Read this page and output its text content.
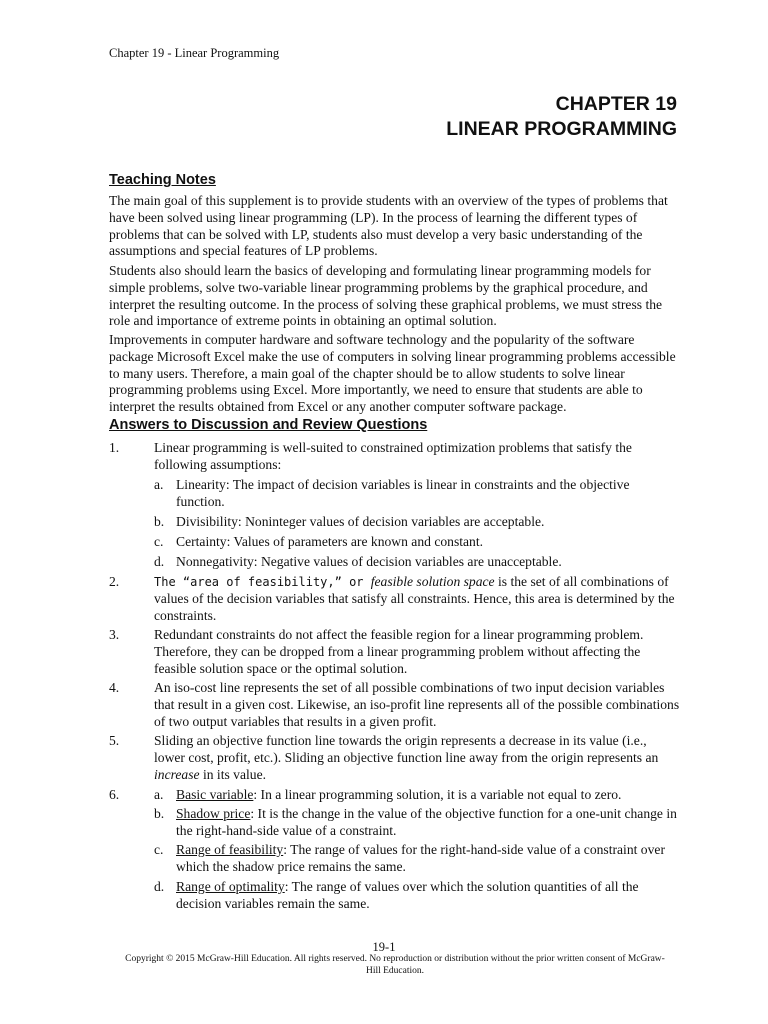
Chapter 19 - Linear Programming
CHAPTER 19
LINEAR PROGRAMMING
Teaching Notes

The main goal of this supplement is to provide students with an overview of the types of problems that have been solved using linear programming (LP). In the process of learning the different types of problems that can be solved with LP, students also must develop a very basic understanding of the assumptions and special features of LP problems.

Students also should learn the basics of developing and formulating linear programming models for simple problems, solve two-variable linear programming problems by the graphical procedure, and interpret the resulting outcome. In the process of solving these graphical problems, we must stress the role and importance of extreme points in obtaining an optimal solution.

Improvements in computer hardware and software technology and the popularity of the software package Microsoft Excel make the use of computers in solving linear programming problems accessible to many users. Therefore, a main goal of the chapter should be to allow students to solve linear programming problems using Excel. More importantly, we need to ensure that students are able to interpret the results obtained from Excel or any another computer software package.

Answers to Discussion and Review Questions
1.	Linear programming is well-suited to constrained optimization problems that satisfy the following assumptions:

a. Linearity: The impact of decision variables is linear in constraints and the objective function.

b. Divisibility: Noninteger values of decision variables are acceptable.

c. Certainty: Values of parameters are known and constant.

d. Nonnegativity: Negative values of decision variables are unacceptable.

2.	The “area of feasibility,” or feasible solution space is the set of all combinations of values of the decision variables that satisfy all constraints. Hence, this area is determined by the constraints.

3.	Redundant constraints do not affect the feasible region for a linear programming problem. Therefore, they can be dropped from a linear programming problem without affecting the feasible solution space or the optimal solution.

4.	An iso-cost line represents the set of all possible combinations of two input decision variables that result in a given cost. Likewise, an iso-profit line represents all of the possible combinations of two output variables that results in a given profit.

5.	Sliding an objective function line towards the origin represents a decrease in its value (i.e., lower cost, profit, etc.). Sliding an objective function line away from the origin represents an increase in its value.

6.	a. Basic variable: In a linear programming solution, it is a variable not equal to zero.

b. Shadow price: It is the change in the value of the objective function for a one-unit change in the right-hand-side value of a constraint.

c. Range of feasibility: The range of values for the right-hand-side value of a constraint over which the shadow price remains the same.

d. Range of optimality: The range of values over which the solution quantities of all the decision variables remain the same.

19-1
Copyright © 2015 McGraw-Hill Education. All rights reserved. No reproduction or distribution without the prior written consent of McGraw-Hill Education.
